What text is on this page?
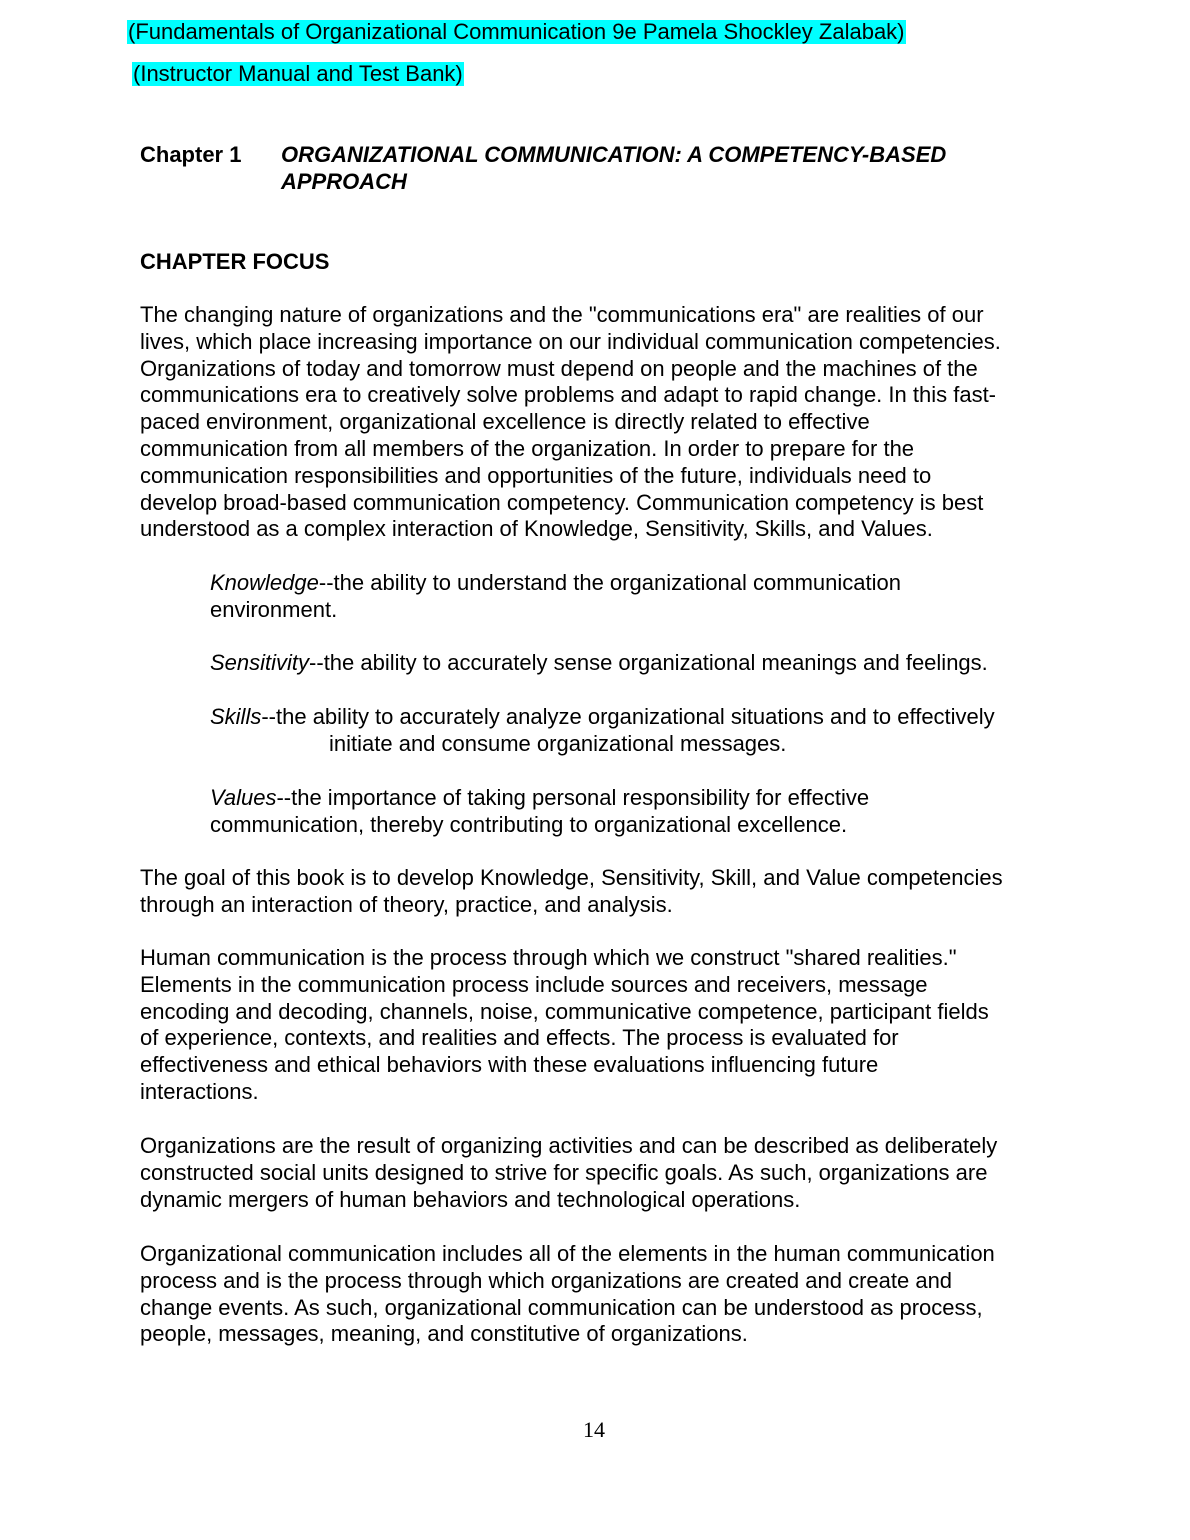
(Fundamentals of Organizational Communication 9e Pamela Shockley Zalabak)
(Instructor Manual and Test Bank)
Chapter 1 ORGANIZATIONAL COMMUNICATION: A COMPETENCY-BASED
APPROACH
CHAPTER FOCUS
The changing nature of organizations and the "communications era" are realities of our
lives, which place increasing importance on our individual communication competencies.
Organizations of today and tomorrow must depend on people and the machines of the
communications era to creatively solve problems and adapt to rapid change. In this fast-
paced environment, organizational excellence is directly related to effective
communication from all members of the organization. In order to prepare for the
communication responsibilities and opportunities of the future, individuals need to
develop broad-based communication competency. Communication competency is best
understood as a complex interaction of Knowledge, Sensitivity, Skills, and Values.
Knowledge--the ability to understand the organizational communication
environment.
Sensitivity--the ability to accurately sense organizational meanings and feelings.
Skills--the ability to accurately analyze organizational situations and to effectively
initiate and consume organizational messages.
Values--the importance of taking personal responsibility for effective
communication, thereby contributing to organizational excellence.
The goal of this book is to develop Knowledge, Sensitivity, Skill, and Value competencies
through an interaction of theory, practice, and analysis.
Human communication is the process through which we construct "shared realities."
Elements in the communication process include sources and receivers, message
encoding and decoding, channels, noise, communicative competence, participant fields
of experience, contexts, and realities and effects. The process is evaluated for
effectiveness and ethical behaviors with these evaluations influencing future
interactions.
Organizations are the result of organizing activities and can be described as deliberately
constructed social units designed to strive for specific goals. As such, organizations are
dynamic mergers of human behaviors and technological operations.
Organizational communication includes all of the elements in the human communication
process and is the process through which organizations are created and create and
change events. As such, organizational communication can be understood as process,
people, messages, meaning, and constitutive of organizations.
14
